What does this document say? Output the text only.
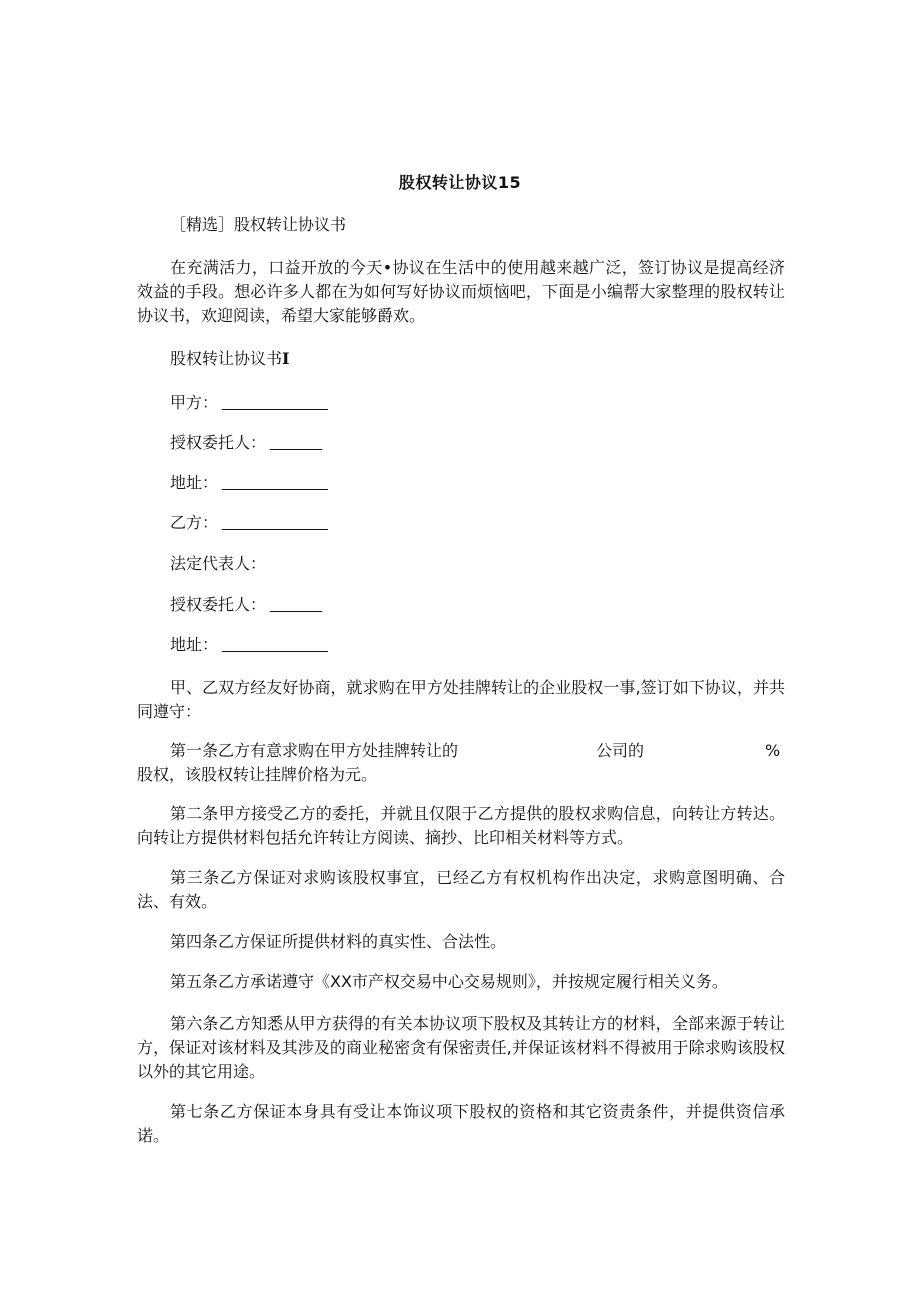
股权转让协议15
［精选］股权转让协议书
在充满活力，口益开放的今天•协议在生活中的使用越来越广泛，签订协议是提高经济效益的手段。想必许多人都在为如何写好协议而烦恼吧，下面是小编帮大家整理的股权转让协议书，欢迎阅读，希望大家能够爵欢。
股权转让协议书I
甲方：
授权委托人：
地址：
乙方：
法定代表人：
授权委托人：
地址：
甲、乙双方经友好协商，就求购在甲方处挂牌转让的企业股权一事,签订如下协议，并共同遵守：
第一条乙方有意求购在甲方处挂牌转让的	公司的	%
股权，该股权转让挂牌价格为元。
第二条甲方接受乙方的委托，并就且仅限于乙方提供的股权求购信息，向转让方转达。向转让方提供材料包括允许转让方阅读、摘抄、比印相关材料等方式。
第三条乙方保证对求购该股权事宜，已经乙方有权机构作出决定，求购意图明确、合法、有效。
第四条乙方保证所提供材料的真实性、合法性。
第五条乙方承诺遵守《XX市产权交易中心交易规则》，并按规定履行相关义务。
第六条乙方知悉从甲方获得的有关本协议项下股权及其转让方的材料，全部来源于转让方，保证对该材料及其涉及的商业秘密贪有保密责任,并保证该材料不得被用于除求购该股权以外的其它用途。
第七条乙方保证本身具有受让本饰议项下股权的资格和其它资责条件，并提供资信承诺。
